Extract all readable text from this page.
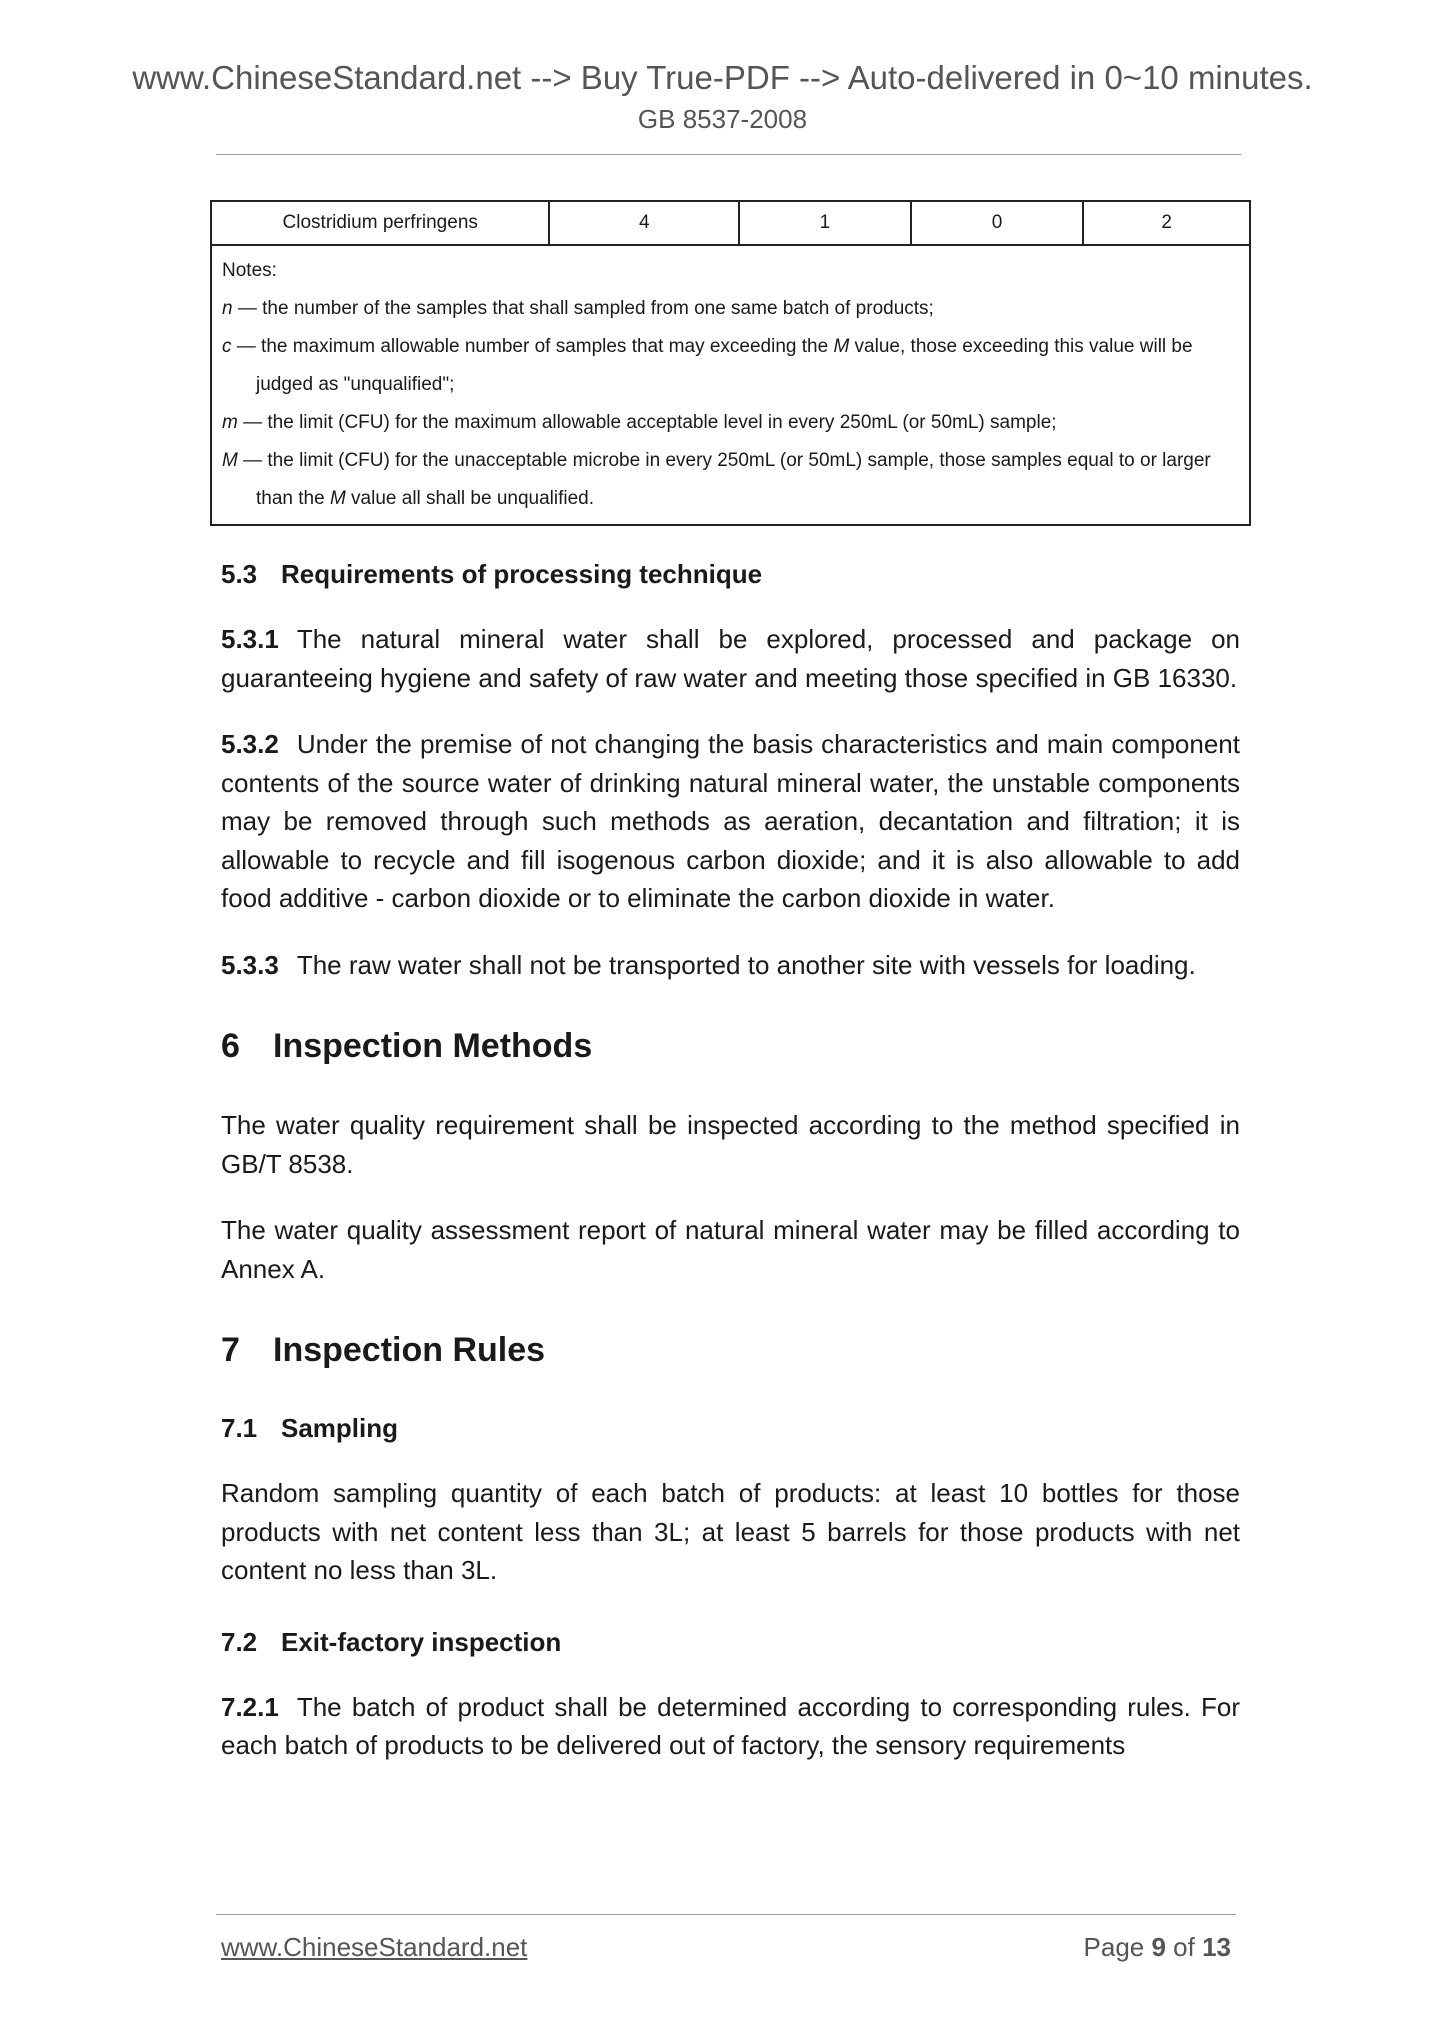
www.ChineseStandard.net --> Buy True-PDF --> Auto-delivered in 0~10 minutes.
GB 8537-2008
Clostridium perfringens	4	1	0	2

Notes:
n — the number of the samples that shall sampled from one same batch of products;
c — the maximum allowable number of samples that may exceeding the M value, those exceeding this value will be
judged as "unqualified";
m — the limit (CFU) for the maximum allowable acceptable level in every 250mL (or 50mL) sample;
M — the limit (CFU) for the unacceptable microbe in every 250mL (or 50mL) sample, those samples equal to or larger
than the M value all shall be unqualified.
5.3 Requirements of processing technique

5.3.1 The natural mineral water shall be explored, processed and package on guaranteeing hygiene and safety of raw water and meeting those specified in GB 16330.

5.3.2 Under the premise of not changing the basis characteristics and main component contents of the source water of drinking natural mineral water, the unstable components may be removed through such methods as aeration, decantation and filtration; it is allowable to recycle and fill isogenous carbon dioxide; and it is also allowable to add food additive - carbon dioxide or to eliminate the carbon dioxide in water.

5.3.3 The raw water shall not be transported to another site with vessels for loading.

6 Inspection Methods

The water quality requirement shall be inspected according to the method specified in GB/T 8538.

The water quality assessment report of natural mineral water may be filled according to Annex A.

7 Inspection Rules
7.1 Sampling

Random sampling quantity of each batch of products: at least 10 bottles for those products with net content less than 3L; at least 5 barrels for those products with net content no less than 3L.

7.2 Exit-factory inspection

7.2.1 The batch of product shall be determined according to corresponding rules. For each batch of products to be delivered out of factory, the sensory requirements

www.ChineseStandard.net	Page 9 of 13
